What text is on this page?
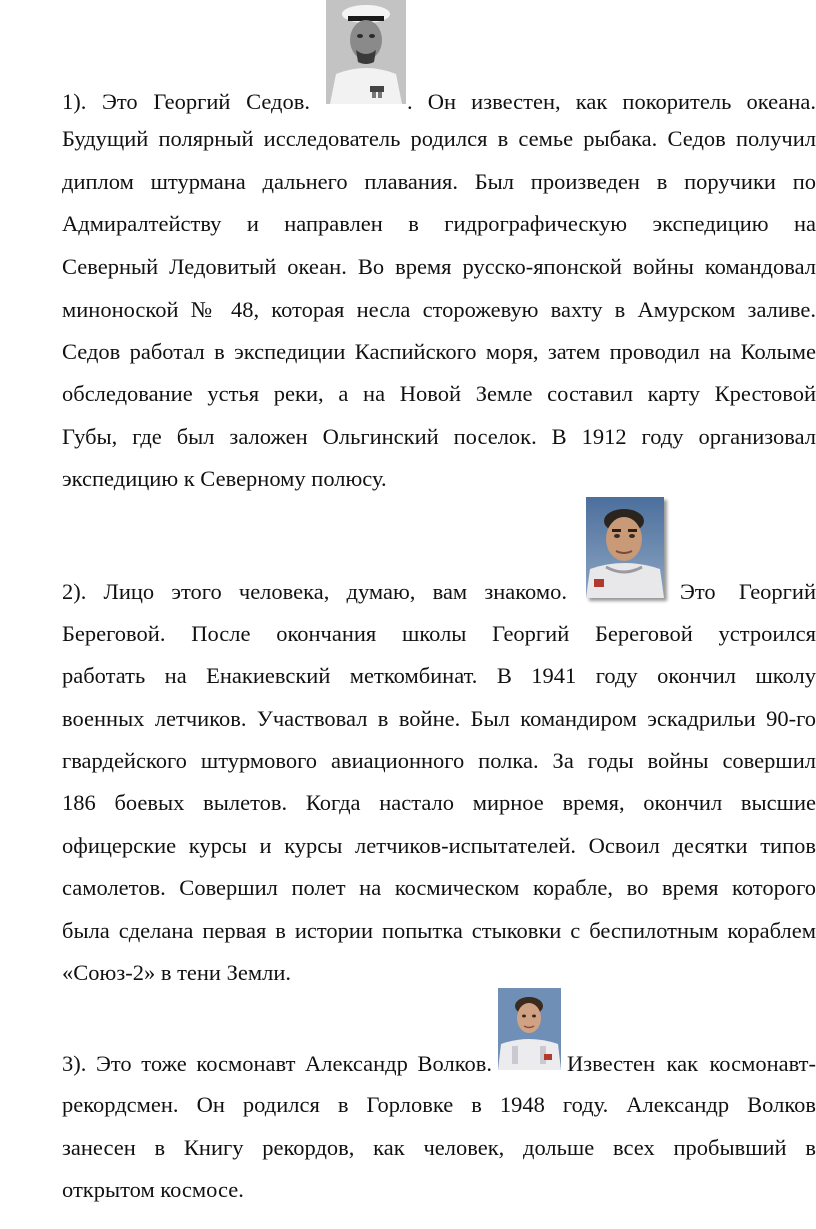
1). Это Георгий Седов.	. Он известен, как покоритель океана.
Будущий полярный исследователь родился в семье рыбака. Седов получил
диплом штурмана дальнего плавания. Был произведен в поручики по
Адмиралтейству и направлен в гидрографическую экспедицию на
Северный Ледовитый океан. Во время русско-японской войны командовал
миноноской № 48, которая несла сторожевую вахту в Амурском заливе.
Седов работал в экспедиции Каспийского моря, затем проводил на Колыме
обследование устья реки, а на Новой Земле составил карту Крестовой
Губы, где был заложен Ольгинский поселок. В 1912 году организовал
экспедицию к Северному полюсу.
2). Лицо этого человека, думаю, вам знакомо.	Это Георгий
Береговой. После окончания школы Георгий Береговой устроился
работать на Енакиевский меткомбинат. В 1941 году окончил школу
военных летчиков. Участвовал в войне. Был командиром эскадрильи 90-го
гвардейского штурмового авиационного полка. За годы войны совершил
186 боевых вылетов. Когда настало мирное время, окончил высшие
офицерские курсы и курсы летчиков-испытателей. Освоил десятки типов
самолетов. Совершил полет на космическом корабле, во время которого
была сделана первая в истории попытка стыковки с беспилотным кораблем
«Союз-2» в тени Земли.
3). Это тоже космонавт Александр Волков.	Известен как космонавт-
рекордсмен. Он родился в Горловке в 1948 году. Александр Волков
занесен в Книгу рекордов, как человек, дольше всех пробывший в
открытом космосе.
